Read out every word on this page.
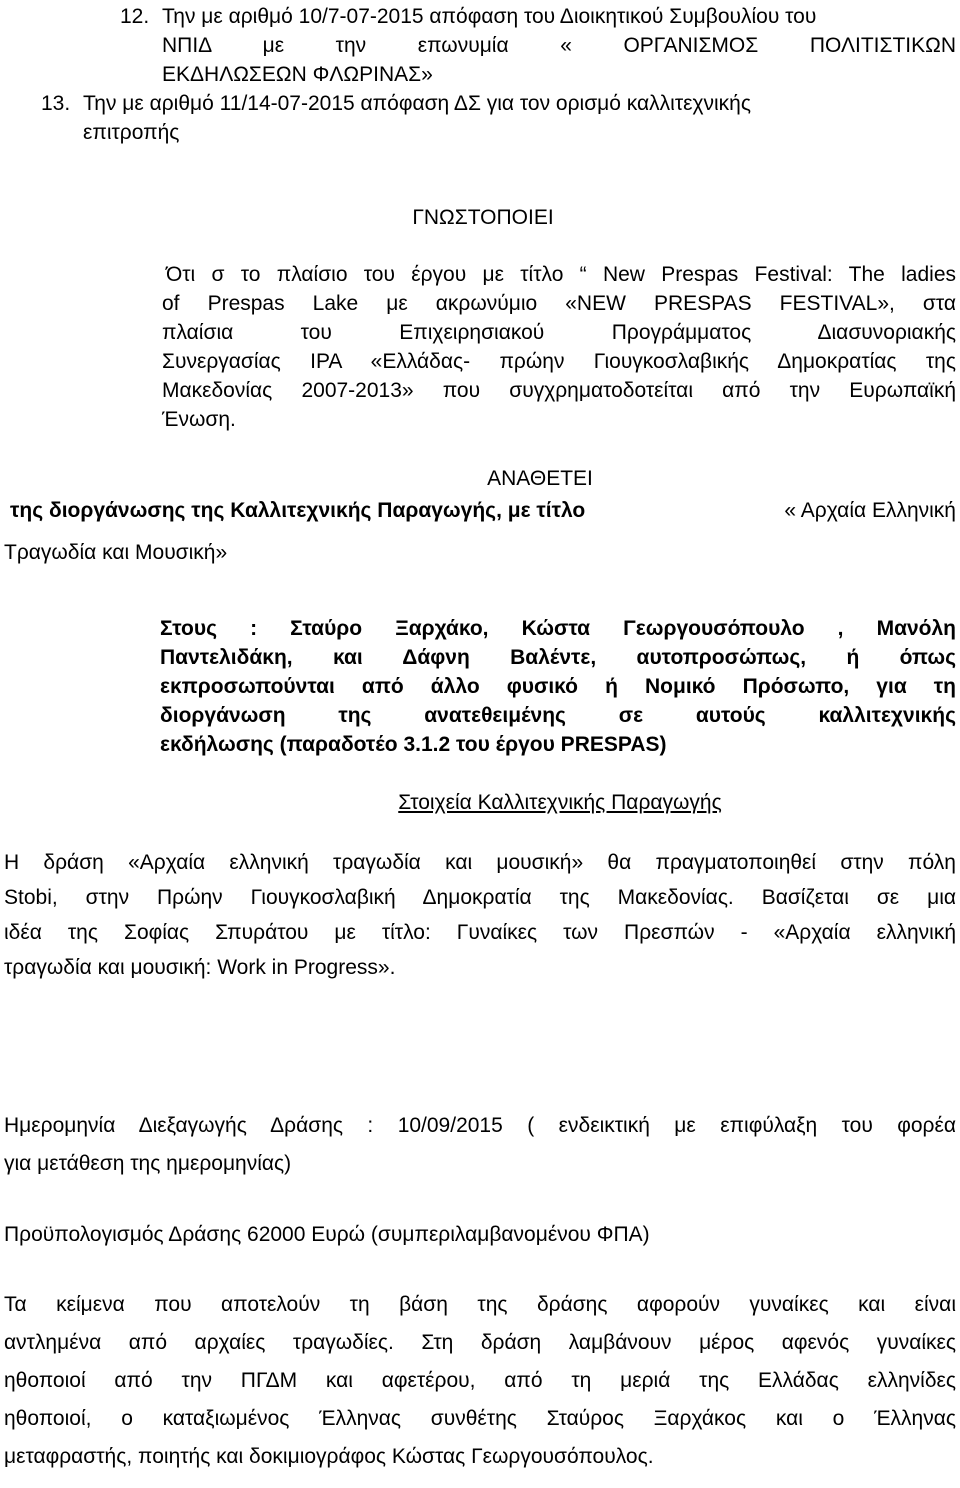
12. Την με αριθμό 10/7-07-2015 απόφαση του Διοικητικού Συμβουλίου του
ΝΠΙΔ με την επωνυμία « ΟΡΓΑΝΙΣΜΟΣ ΠΟΛΙΤΙΣΤΙΚΩΝ
ΕΚΔΗΛΩΣΕΩΝ ΦΛΩΡΙΝΑΣ»
13. Την με αριθμό 11/14-07-2015 απόφαση ΔΣ για τον ορισμό καλλιτεχνικής
επιτροπής
ΓΝΩΣΤΟΠΟΙΕΙ
Ότι σ το πλαίσιο του έργου με τίτλο “ New Prespas Festival: The ladies
of Prespas Lake με ακρωνύμιο «NEW PRESPAS FESTIVAL», στα
πλαίσια του Επιχειρησιακού Προγράμματος Διασυνοριακής
Συνεργασίας IPA «Ελλάδας- πρώην Γιουγκοσλαβικής Δημοκρατίας της
Μακεδονίας 2007-2013» που συγχρηματοδοτείται από την Ευρωπαϊκή
Ένωση.
ΑΝΑΘΕΤΕΙ
της διοργάνωσης της Καλλιτεχνικής Παραγωγής, με τίτλο	« Αρχαία Ελληνική
Τραγωδία και Μουσική»
Στους : Σταύρο Ξαρχάκο, Κώστα Γεωργουσόπουλο , Μανόλη
Παντελιδάκη, και Δάφνη Βαλέντε, αυτοπροσώπως, ή όπως
εκπροσωπούνται από άλλο φυσικό ή Νομικό Πρόσωπο, για τη
διοργάνωση της ανατεθειμένης σε αυτούς καλλιτεχνικής
εκδήλωσης (παραδοτέο 3.1.2 του έργου PRESPAS)
Στοιχεία Καλλιτεχνικής Παραγωγής
Η δράση «Αρχαία ελληνική τραγωδία και μουσική» θα πραγματοποιηθεί στην πόλη
Stobi, στην Πρώην Γιουγκοσλαβική Δημοκρατία της Μακεδονίας. Βασίζεται σε μια
ιδέα της Σοφίας Σπυράτου με τίτλο: Γυναίκες των Πρεσπών - «Αρχαία ελληνική
τραγωδία και μουσική: Work in Progress».
Ημερομηνία Διεξαγωγής Δράσης : 10/09/2015 ( ενδεικτική με επιφύλαξη του φορέα
για μετάθεση της ημερομηνίας)
Προϋπολογισμός Δράσης 62000 Ευρώ (συμπεριλαμβανομένου ΦΠΑ)
Τα κείμενα που αποτελούν τη βάση της δράσης αφορούν γυναίκες και είναι
αντλημένα από αρχαίες τραγωδίες. Στη δράση λαμβάνουν μέρος αφενός γυναίκες
ηθοποιοί από την ΠΓΔΜ και αφετέρου, από τη μεριά της Ελλάδας ελληνίδες
ηθοποιοί, ο καταξιωμένος Έλληνας συνθέτης Σταύρος Ξαρχάκος και ο Έλληνας
μεταφραστής, ποιητής και δοκιμιογράφος Κώστας Γεωργουσόπουλος.
